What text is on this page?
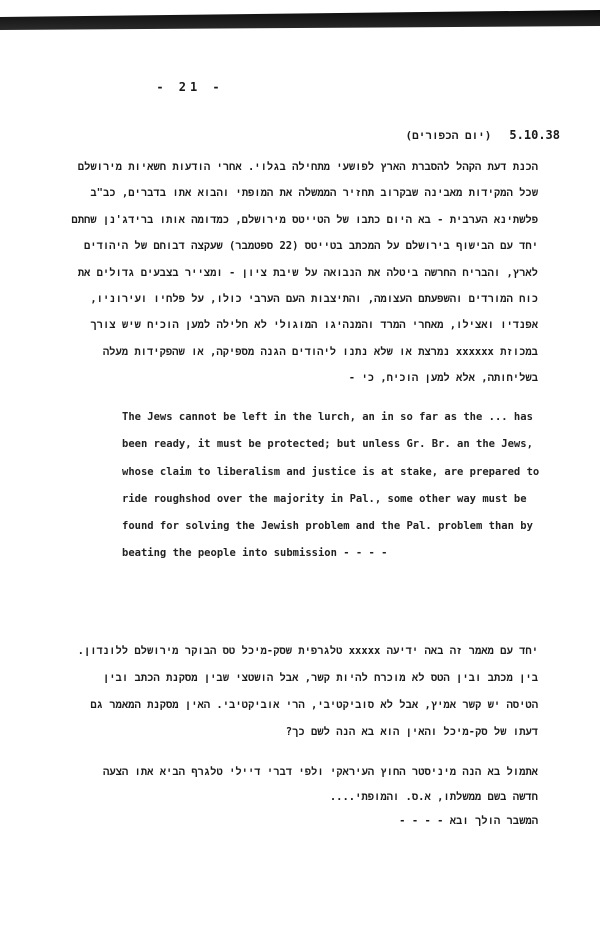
- 21 -
(יום הכפורים) 5.10.38
הכנת דעת הקהל להסברת הארץ לפושעי מתחילה בגלוי. אחרי הודעות חשאיות מירושלם
שכל המקידות מאבינה שבקרוב תחזיר הממשלה את המופתי והבוא אתו בדברים, כב"ב
פלשתינא הערבית - בא היום כתבו של הטייטס מירושלם, כמדומה אותו ברידג'נן שחתם
יחד עם הבישוף בירושלם על המכתב בטייטס (22 ספטמבר) שעקצה דבוחם של היהודים
לארץ, והבריח החרשה ביטלה את הנבואה על שיבת ציון - ומצייר בצבעים גדולים את
כוח המורדים והשפעתם העצומה, והתיצבות העם הערבי כולו, על פלחיו ועירוניו,
אפנדיו ואצילו, מאחרי המרד והמנהיגו המוגולי לא חלילה למען הוכיח שיש צורך
במכוזת xxxxxx נמרצת או שלא נתנו ליהודים הגנה מספיקה, או שהפקידות מעלה
בשליחותה, אלא למען הוכיח, כי -
The Jews cannot be left in the lurch, an in so far as the ... has
been ready, it must be protected; but unless Gr. Br. an the Jews,
whose claim to liberalism and justice is at stake, are prepared to
ride roughshod over the majority in Pal., some other way must be
found for solving the Jewish problem and the Pal. problem than by
beating the people into submission - - - -
יחד עם מאמר זה באה ידיעה xxxxx טלגרפית שסק-מיכל טס הבוקר מירושלם ללונדון.
בין מכתב ובין הטס לא מוכרח להיות קשר, אבל הושטצי שבין מסקנת הכתב ובין
הטיסה יש קשר אמיץ, אבל לא סוביקטיבי, הרי אוביקטיבי. האין מסקנת המאמר גם
דעתו של סק-מיכל והאין הוא בא הנה לשם כך?
אתמול בא הנה מיניסטר החוץ העיראקי ולפי דברי דיילי טלגרף הביא אתו הצעה
חדשה בשם ממשלתו, א.ס. והמופתי....
המשבר הולך ובא - - - -
